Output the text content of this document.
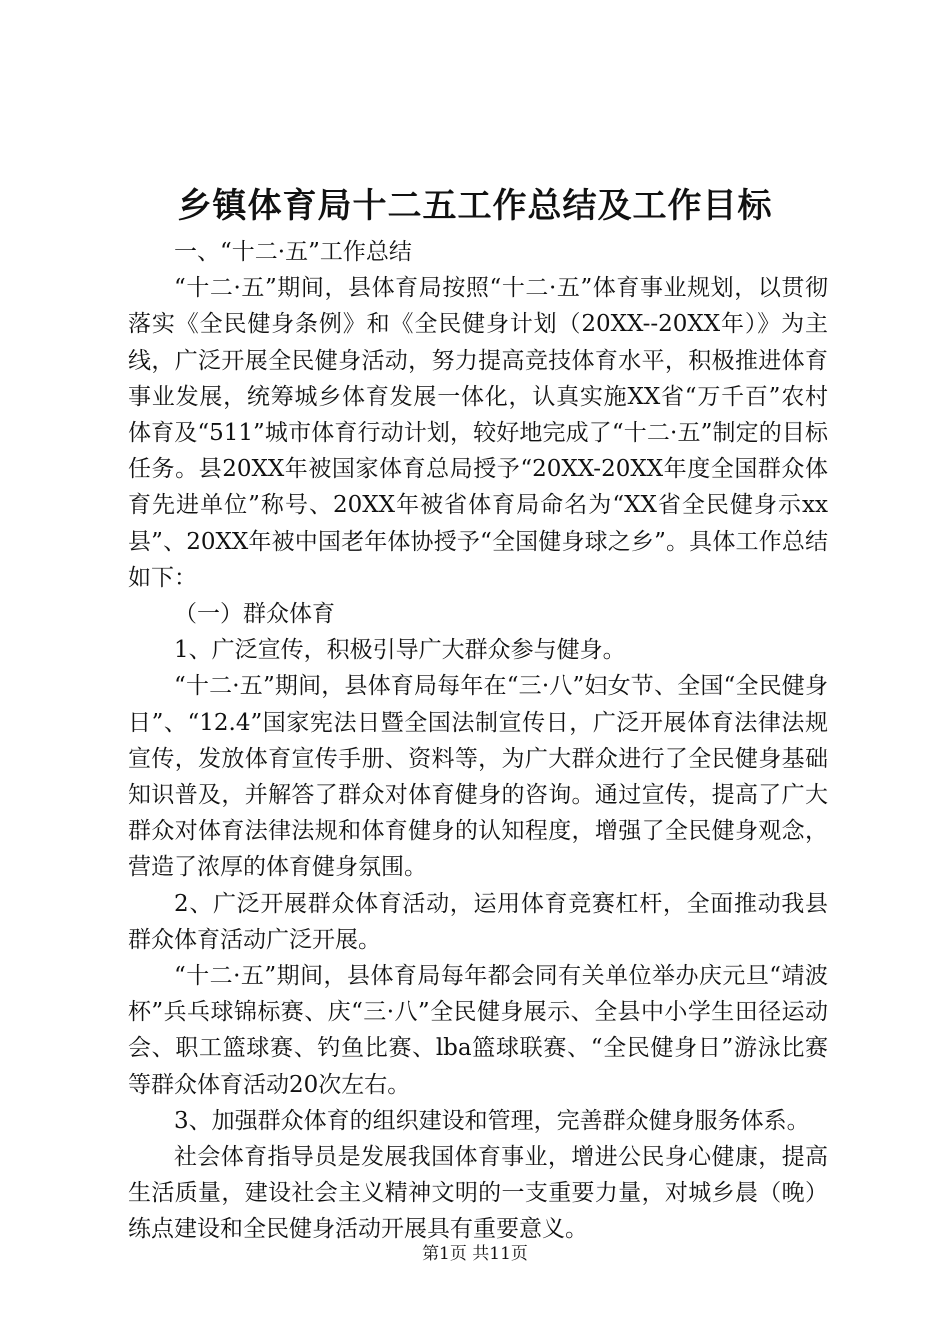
乡镇体育局十二五工作总结及工作目标

一、“十二·五”工作总结

“十二·五”期间，县体育局按照“十二·五”体育事业规划，以贯彻落实《全民健身条例》和《全民健身计划（20XX--20XX年）》为主线，广泛开展全民健身活动，努力提高竞技体育水平，积极推进体育事业发展，统筹城乡体育发展一体化，认真实施XX省“万千百”农村体育及“511”城市体育行动计划，较好地完成了“十二·五”制定的目标任务。县20XX年被国家体育总局授予“20XX-20XX年度全国群众体育先进单位”称号、20XX年被省体育局命名为“XX省全民健身示xx县”、20XX年被中国老年体协授予“全国健身球之乡”。具体工作总结如下：

（一）群众体育

1、广泛宣传，积极引导广大群众参与健身。

“十二·五”期间，县体育局每年在“三·八”妇女节、全国“全民健身日”、“12.4”国家宪法日暨全国法制宣传日，广泛开展体育法律法规宣传，发放体育宣传手册、资料等，为广大群众进行了全民健身基础知识普及，并解答了群众对体育健身的咨询。通过宣传，提高了广大群众对体育法律法规和体育健身的认知程度，增强了全民健身观念，营造了浓厚的体育健身氛围。

2、广泛开展群众体育活动，运用体育竞赛杠杆，全面推动我县群众体育活动广泛开展。

“十二·五”期间，县体育局每年都会同有关单位举办庆元旦“靖波杯”兵乓球锦标赛、庆“三·八”全民健身展示、全县中小学生田径运动会、职工篮球赛、钓鱼比赛、lba篮球联赛、“全民健身日”游泳比赛等群众体育活动20次左右。

3、加强群众体育的组织建设和管理，完善群众健身服务体系。

社会体育指导员是发展我国体育事业，增进公民身心健康，提高生活质量，建设社会主义精神文明的一支重要力量，对城乡晨（晚）练点建设和全民健身活动开展具有重要意义。

第1页 共11页
